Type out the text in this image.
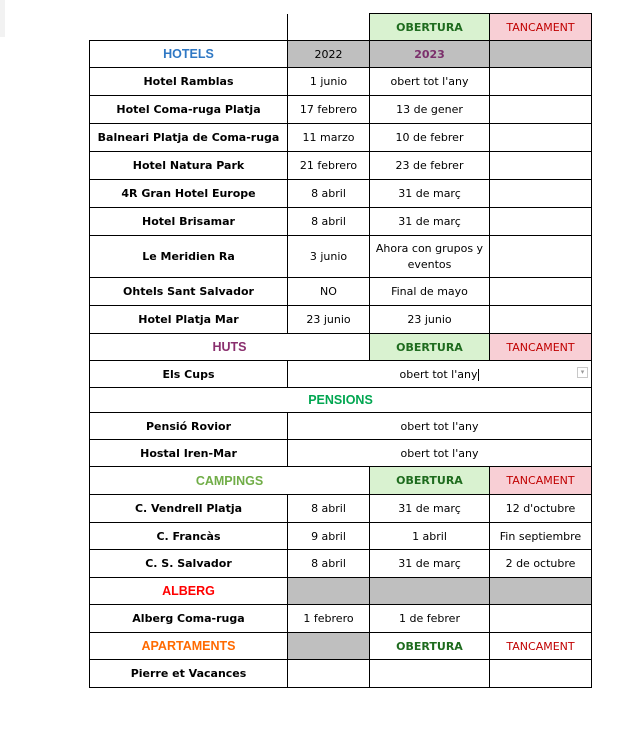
		OBERTURA	TANCAMENT
HOTELS	2022	2023	
Hotel Ramblas	1 junio	obert tot l'any	
Hotel Coma-ruga Platja	17 febrero	13 de gener	
Balneari Platja de Coma-ruga	11 marzo	10 de febrer	
Hotel Natura Park	21 febrero	23 de febrer	
4R Gran Hotel Europe	8 abril	31 de març	
Hotel Brisamar	8 abril	31 de març	
Le Meridien Ra	3 junio	Ahora con grupos y eventos	
Ohtels Sant Salvador	NO	Final de mayo	
Hotel Platja Mar	23 junio	23 junio	
HUTS		OBERTURA	TANCAMENT
Els Cups	obert tot l'any ▾		

PENSIONS			
Pensió Rovior	obert tot l'any		
Hostal Iren-Mar	obert tot l'any		
CAMPINGS		OBERTURA	TANCAMENT
C. Vendrell Platja	8 abril	31 de març	12 d'octubre
C. Francàs	9 abril	1 abril	Fin septiembre
C. S. Salvador	8 abril	31 de març	2 de octubre
ALBERG			
Alberg Coma-ruga	1 febrero	1 de febrer	
APARTAMENTS		OBERTURA	TANCAMENT
Pierre et Vacances			
